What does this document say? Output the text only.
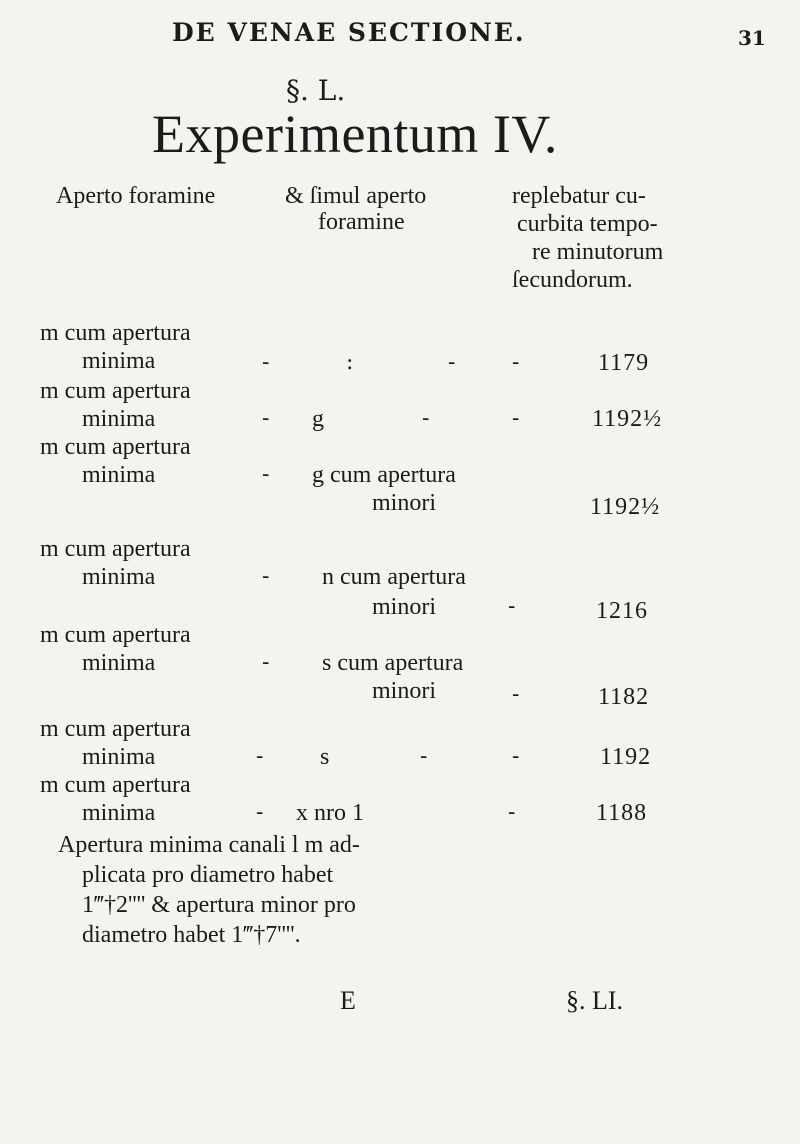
DE VENAE SECTIONE.	31
§. L.
Experimentum IV.
Aperto foramine	& ſimul aperto
foramine
replebatur cu-
curbita tempo-
re minutorum
ſecundorum.
m cum apertura
minima	-	:	-	-	1179
m cum apertura
minima	- g	-	-	1192½
m cum apertura
minima	- g cum apertura
minori	1192½
m cum apertura
minima	- n cum apertura
minori	-	1216
m cum apertura
minima	- s cum apertura
minori	-	1182
m cum apertura
minima	- s	-	-	1192
m cum apertura
minima	- x nro 1	-	1188
Apertura minima canali l m ad-
plicata pro diametro habet
1‴†2'''' & apertura minor pro
diametro habet 1‴†7''''.
E	§. LI.
